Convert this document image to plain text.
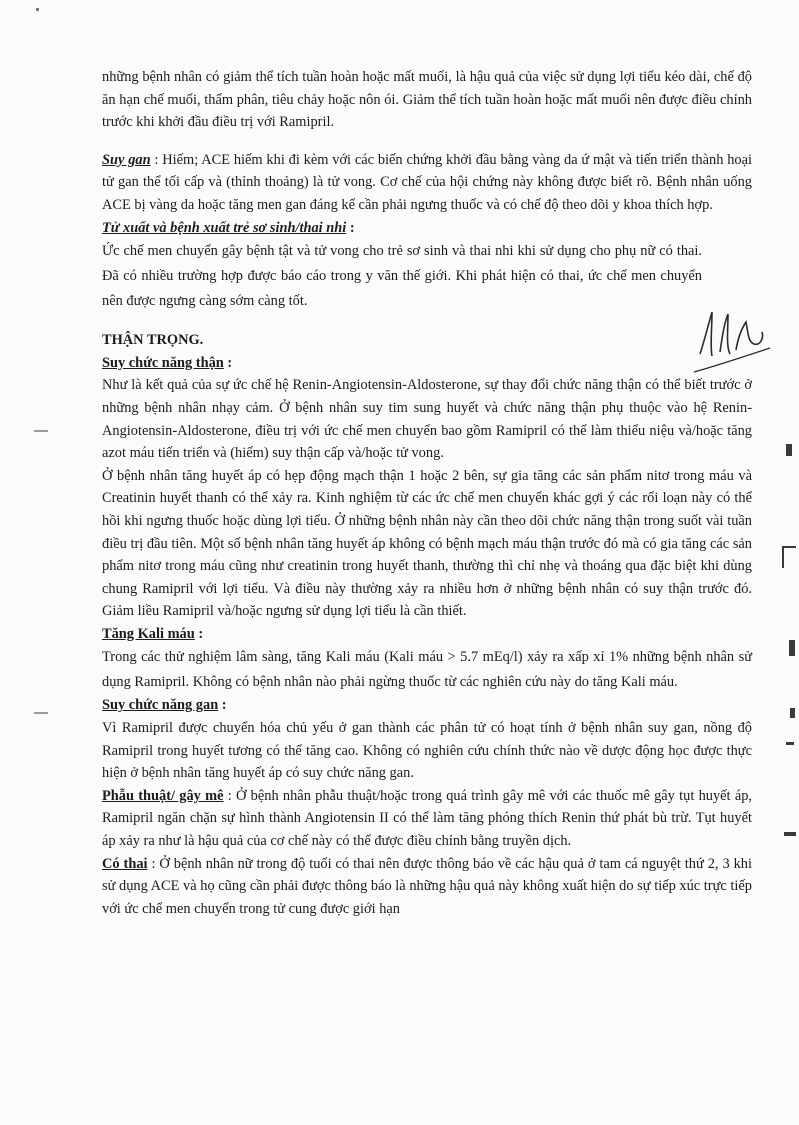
những bệnh nhân có giảm thể tích tuần hoàn hoặc mất muối, là hậu quả của việc sử dụng lợi tiểu kéo dài, chế độ ăn hạn chế muối, thẩm phân, tiêu chảy hoặc nôn ói. Giảm thể tích tuần hoàn hoặc mất muối nên được điều chỉnh trước khi khởi đầu điều trị với Ramipril.

Suy gan : Hiếm; ACE hiếm khi đi kèm với các biến chứng khởi đầu bằng vàng da ứ mật và tiến triển thành hoại tử gan thể tối cấp và (thỉnh thoảng) là tử vong. Cơ chế của hội chứng này không được biết rõ. Bệnh nhân uống ACE bị vàng da hoặc tăng men gan đáng kể cần phải ngưng thuốc và có chế độ theo dõi y khoa thích hợp.

Tử xuất và bệnh xuất trẻ sơ sinh/thai nhi :

Ức chế men chuyển gây bệnh tật và tử vong cho trẻ sơ sinh và thai nhi khi sử dụng cho phụ nữ có thai. Đã có nhiều trường hợp được báo cáo trong y văn thế giới. Khi phát hiện có thai, ức chế men chuyển nên được ngưng càng sớm càng tốt.

THẬN TRỌNG.

Suy chức năng thận :

Như là kết quả của sự ức chế hệ Renin-Angiotensin-Aldosterone, sự thay đổi chức năng thận có thể biết trước ở những bệnh nhân nhạy cảm. Ở bệnh nhân suy tim sung huyết và chức năng thận phụ thuộc vào hệ Renin-Angiotensin-Aldosterone, điều trị với ức chế men chuyển bao gồm Ramipril có thể làm thiểu niệu và/hoặc tăng azot máu tiến triển và (hiếm) suy thận cấp và/hoặc tử vong.

Ở bệnh nhân tăng huyết áp có hẹp động mạch thận 1 hoặc 2 bên, sự gia tăng các sản phẩm nitơ trong máu và Creatinin huyết thanh có thể xảy ra. Kinh nghiệm từ các ức chế men chuyển khác gợi ý các rối loạn này có thể hồi khi ngưng thuốc hoặc dùng lợi tiểu. Ở những bệnh nhân này cần theo dõi chức năng thận trong suốt vài tuần điều trị đầu tiên. Một số bệnh nhân tăng huyết áp không có bệnh mạch máu thận trước đó mà có gia tăng các sản phẩm nitơ trong máu cũng như creatinin trong huyết thanh, thường thì chỉ nhẹ và thoáng qua đặc biệt khi dùng chung Ramipril với lợi tiểu. Và điều này thường xảy ra nhiều hơn ở những bệnh nhân có suy thận trước đó. Giảm liều Ramipril và/hoặc ngưng sử dụng lợi tiểu là cần thiết.

Tăng Kali máu :

Trong các thử nghiệm lâm sàng, tăng Kali máu (Kali máu > 5.7 mEq/l) xảy ra xấp xỉ 1% những bệnh nhân sử dụng Ramipril. Không có bệnh nhân nào phải ngừng thuốc từ các nghiên cứu này do tăng Kali máu.

Suy chức năng gan :

Vì Ramipril được chuyển hóa chủ yếu ở gan thành các phân tử có hoạt tính ở bệnh nhân suy gan, nồng độ Ramipril trong huyết tương có thể tăng cao. Không có nghiên cứu chính thức nào về dược động học được thực hiện ở bệnh nhân tăng huyết áp có suy chức năng gan.

Phẫu thuật/ gây mê : Ở bệnh nhân phẫu thuật/hoặc trong quá trình gây mê với các thuốc mê gây tụt huyết áp, Ramipril ngăn chặn sự hình thành Angiotensin II có thể làm tăng phóng thích Renin thứ phát bù trừ. Tụt huyết áp xảy ra như là hậu quả của cơ chế này có thể được điều chỉnh bằng truyền dịch.

Có thai : Ở bệnh nhân nữ trong độ tuổi có thai nên được thông báo về các hậu quả ở tam cá nguyệt thứ 2, 3 khi sử dụng ACE và họ cũng cần phải được thông báo là những hậu quả này không xuất hiện do sự tiếp xúc trực tiếp với ức chế men chuyển trong tử cung được giới hạn
